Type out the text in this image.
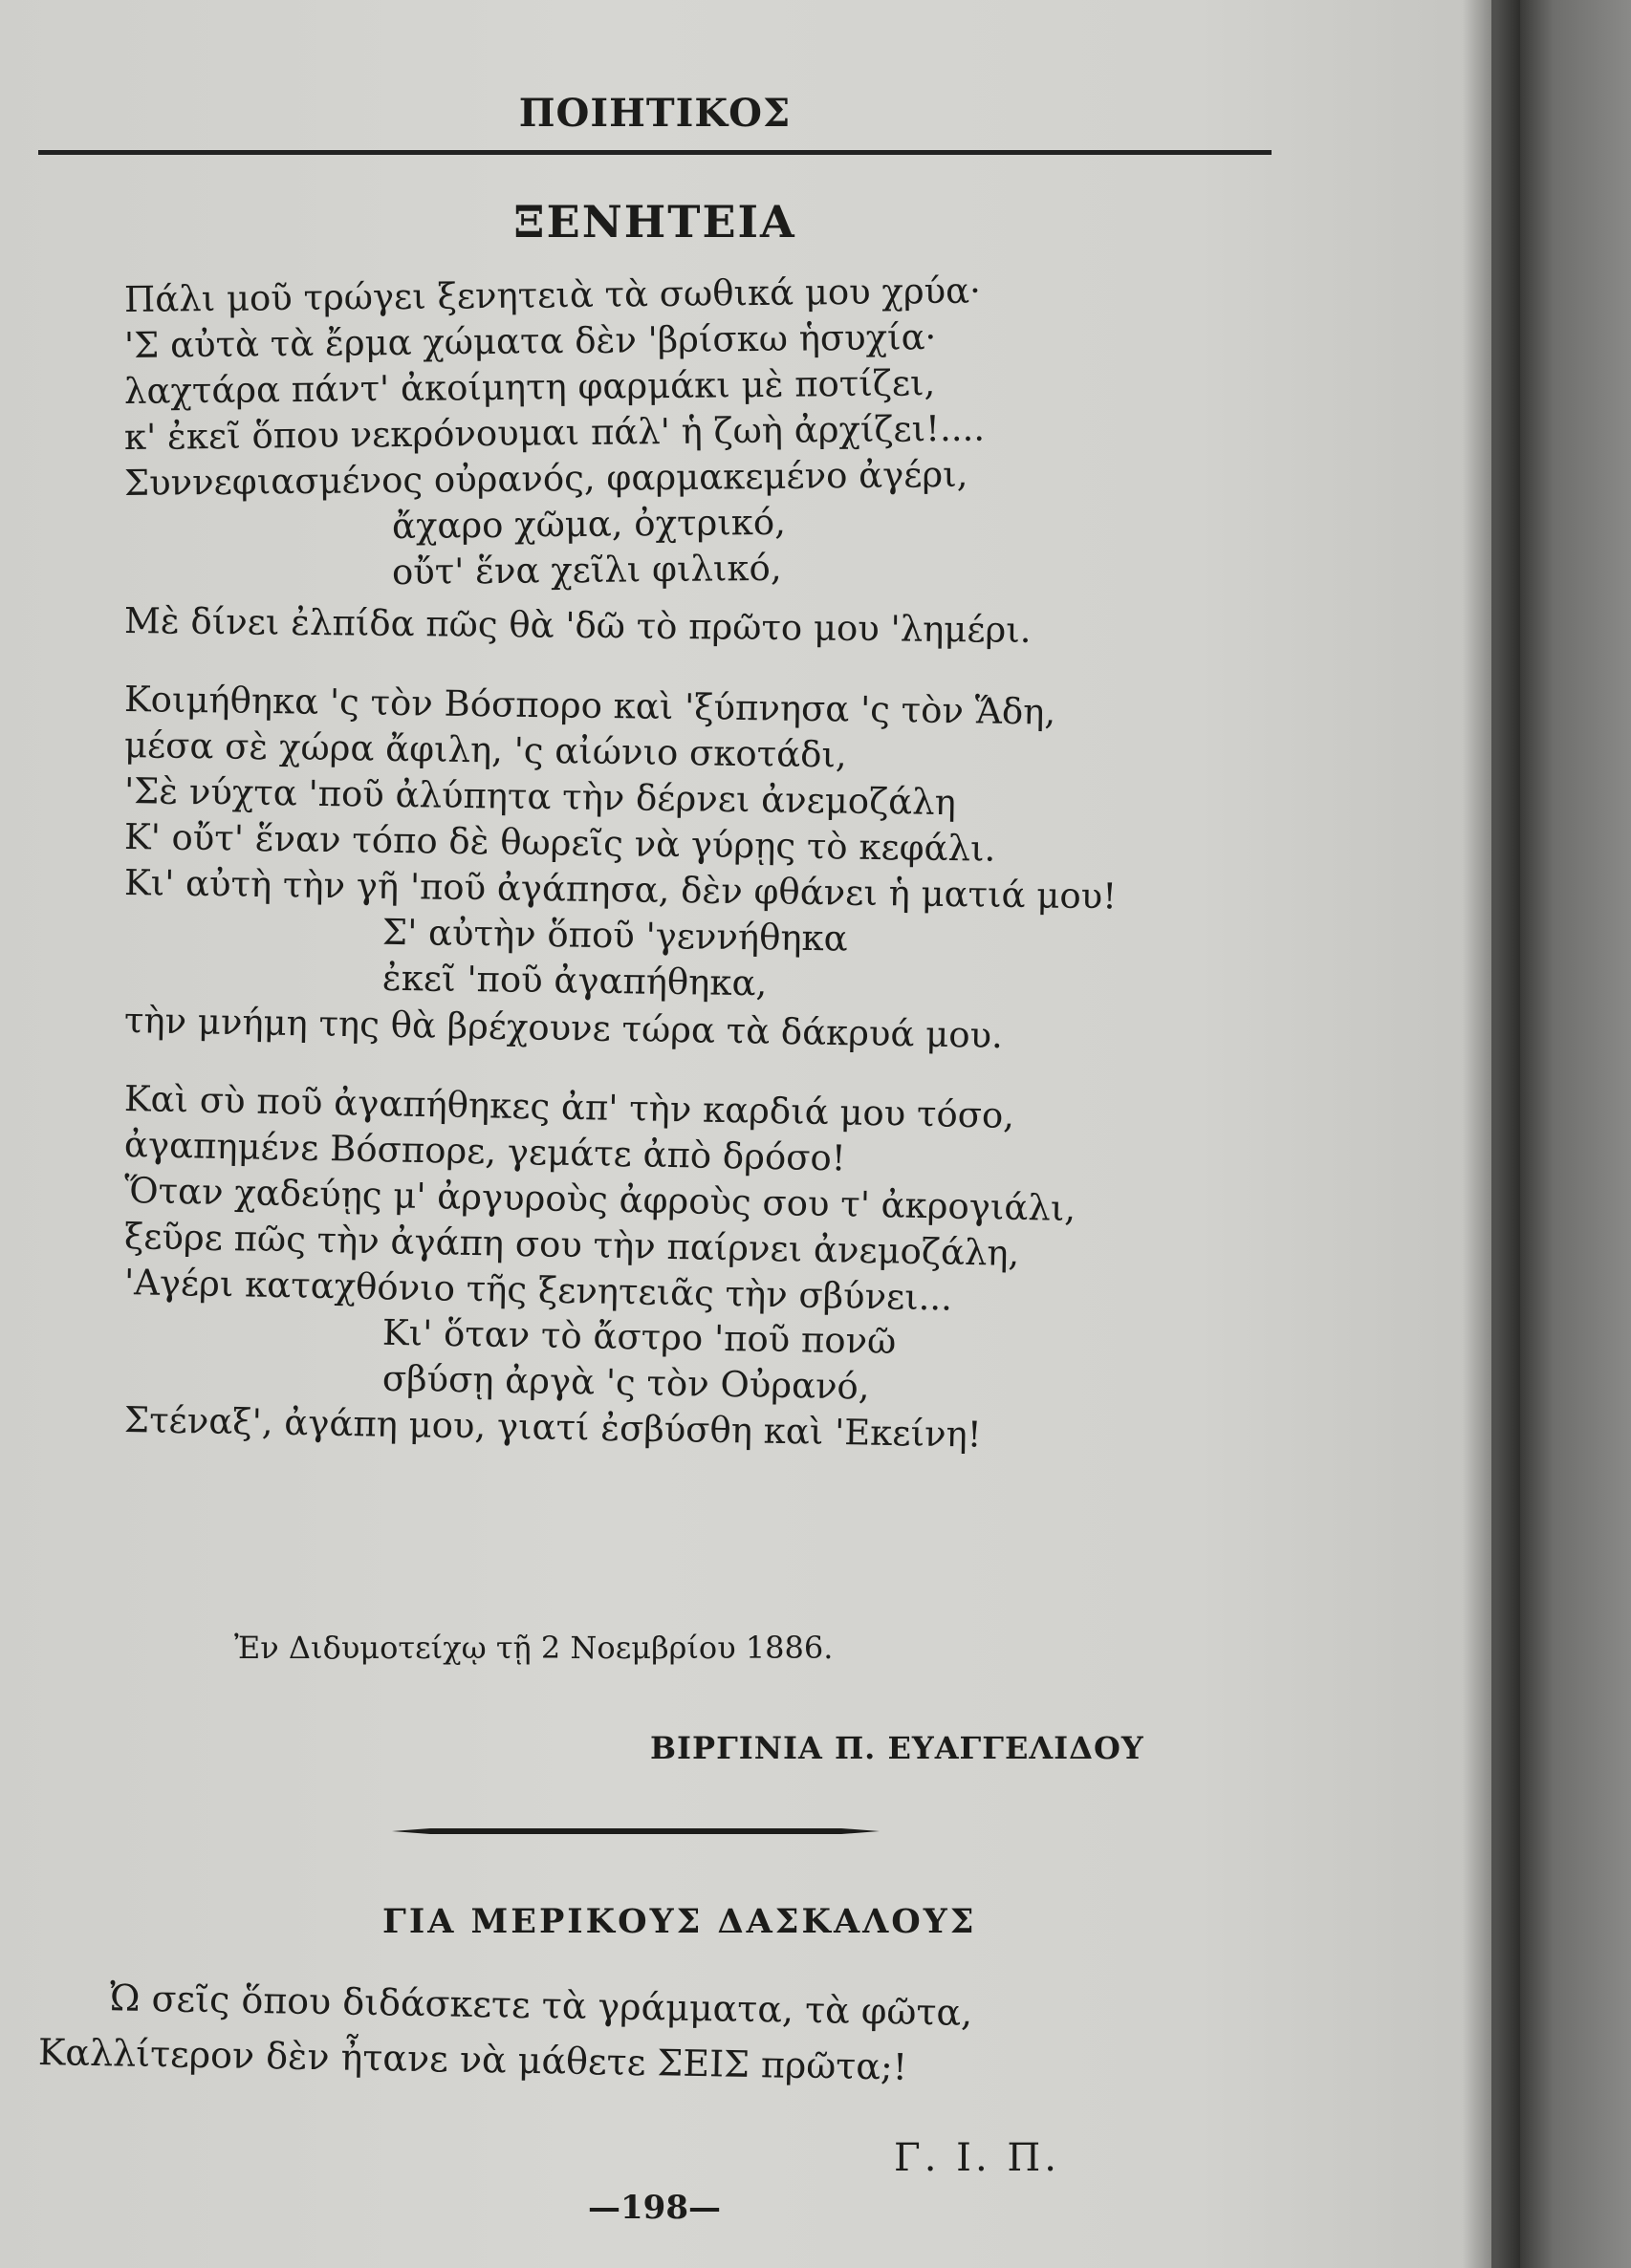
ΠΟΙΗΤΙΚΟΣ
ΞΕΝΗΤΕΙΑ
Πάλι μοῦ τρώγει ξενητειὰ τὰ σωθικά μου χρύα·
'Σ αὐτὰ τὰ ἔρμα χώματα δὲν 'βρίσκω ἡσυχία·
λαχτάρα πάντ' ἀκοίμητη φαρμάκι μὲ ποτίζει,
κ' ἐκεῖ ὅπου νεκρόνουμαι πάλ' ἡ ζωὴ ἀρχίζει!....
Συννεφιασμένος οὐρανός, φαρμακεμένο ἀγέρι,
ἄχαρο χῶμα, ὀχτρικό,
οὔτ' ἕνα χεῖλι φιλικό,
Μὲ δίνει ἐλπίδα πῶς θὰ 'δῶ τὸ πρῶτο μου 'λημέρι.
Κοιμήθηκα 'ς τὸν Βόσπορο καὶ 'ξύπνησα 'ς τὸν Ἅδη,
μέσα σὲ χώρα ἄφιλη, 'ς αἰώνιο σκοτάδι,
'Σὲ νύχτα 'ποῦ ἀλύπητα τὴν δέρνει ἀνεμοζάλη
Κ' οὔτ' ἕναν τόπο δὲ θωρεῖς νὰ γύρῃς τὸ κεφάλι.
Κι' αὐτὴ τὴν γῆ 'ποῦ ἀγάπησα, δὲν φθάνει ἡ ματιά μου!
Σ' αὐτὴν ὅποῦ 'γεννήθηκα
ἐκεῖ 'ποῦ ἀγαπήθηκα,
τὴν μνήμη της θὰ βρέχουνε τώρα τὰ δάκρυά μου.
Καὶ σὺ ποῦ ἀγαπήθηκες ἀπ' τὴν καρδιά μου τόσο,
ἀγαπημένε Βόσπορε, γεμάτε ἀπὸ δρόσο!
Ὅταν χαδεύῃς μ' ἀργυροὺς ἀφροὺς σου τ' ἀκρογιάλι,
ξεῦρε πῶς τὴν ἀγάπη σου τὴν παίρνει ἀνεμοζάλη,
'Αγέρι καταχθόνιο τῆς ξενητειᾶς τὴν σβύνει...
Κι' ὅταν τὸ ἄστρο 'ποῦ πονῶ
σβύσῃ ἀργὰ 'ς τὸν Οὐρανό,
Στέναξ', ἀγάπη μου, γιατί ἐσβύσθη καὶ 'Εκείνη!
Ἐν Διδυμοτείχῳ τῇ 2 Νοεμβρίου 1886.
ΒΙΡΓΙΝΙΑ Π. ΕΥΑΓΓΕΛΙΔΟΥ
ΓΙΑ ΜΕΡΙΚΟΥΣ ΔΑΣΚΑΛΟΥΣ
Ὠ σεῖς ὅπου διδάσκετε τὰ γράμματα, τὰ φῶτα,
Καλλίτερον δὲν ἦτανε νὰ μάθετε ΣΕΙΣ πρῶτα;!
Γ. Ι. Π.
—198—
